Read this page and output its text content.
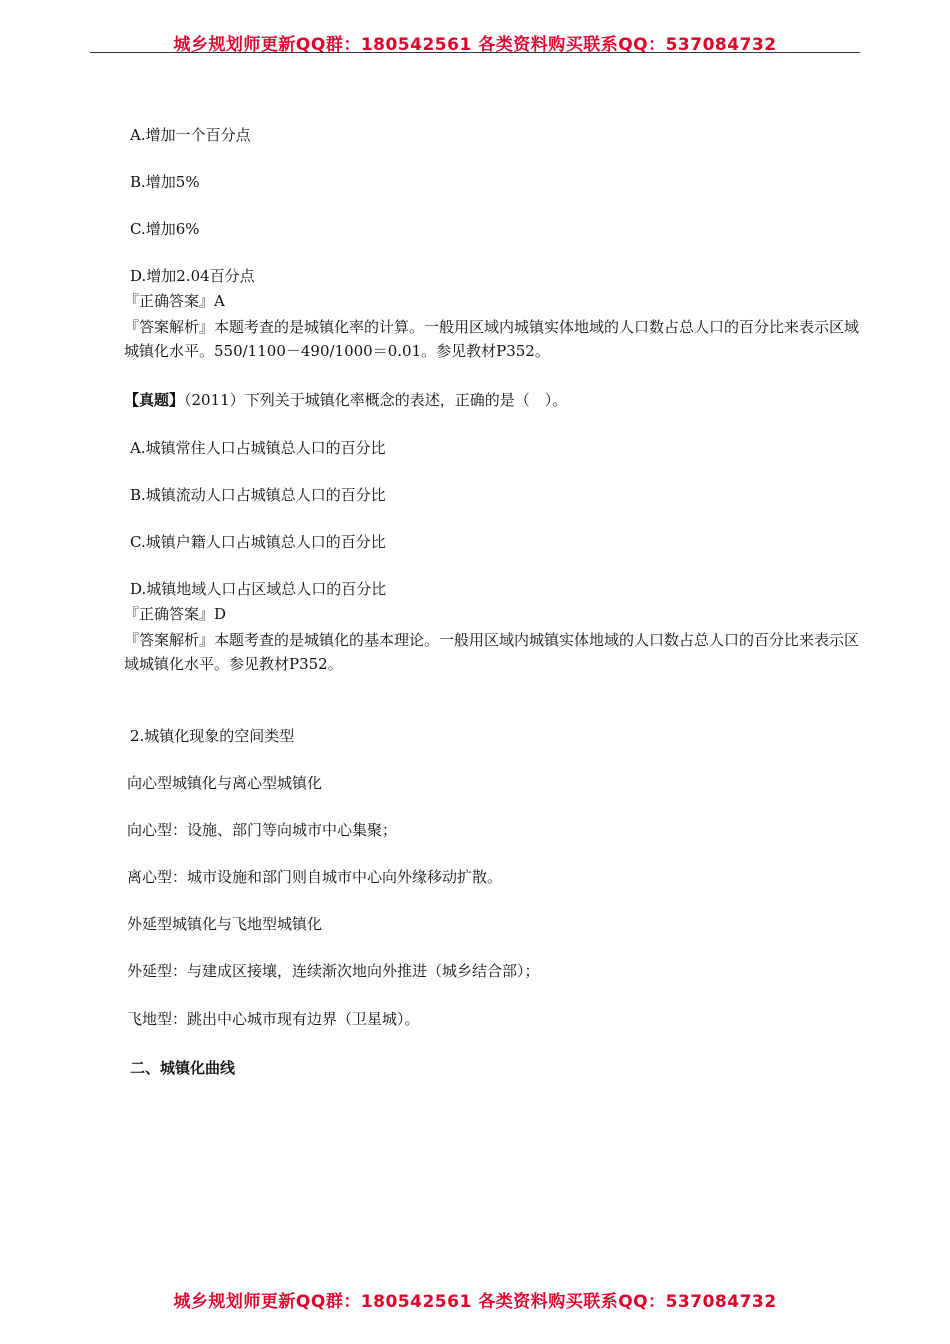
城乡规划师更新QQ群：180542561 各类资料购买联系QQ：537084732
A.增加一个百分点
B.增加5%
C.增加6%
D.增加2.04百分点
『正确答案』A
『答案解析』本题考查的是城镇化率的计算。一般用区域内城镇实体地域的人口数占总人口的百分比来表示区域城镇化水平。550/1100－490/1000＝0.01。参见教材P352。
【真题】（2011）下列关于城镇化率概念的表述，正确的是（　）。
A.城镇常住人口占城镇总人口的百分比
B.城镇流动人口占城镇总人口的百分比
C.城镇户籍人口占城镇总人口的百分比
D.城镇地域人口占区域总人口的百分比
『正确答案』D
『答案解析』本题考查的是城镇化的基本理论。一般用区域内城镇实体地域的人口数占总人口的百分比来表示区域城镇化水平。参见教材P352。
2.城镇化现象的空间类型
向心型城镇化与离心型城镇化
向心型：设施、部门等向城市中心集聚；
离心型：城市设施和部门则自城市中心向外缘移动扩散。
外延型城镇化与飞地型城镇化
外延型：与建成区接壤，连续渐次地向外推进（城乡结合部）；
飞地型：跳出中心城市现有边界（卫星城）。
二、城镇化曲线
城乡规划师更新QQ群：180542561 各类资料购买联系QQ：537084732
